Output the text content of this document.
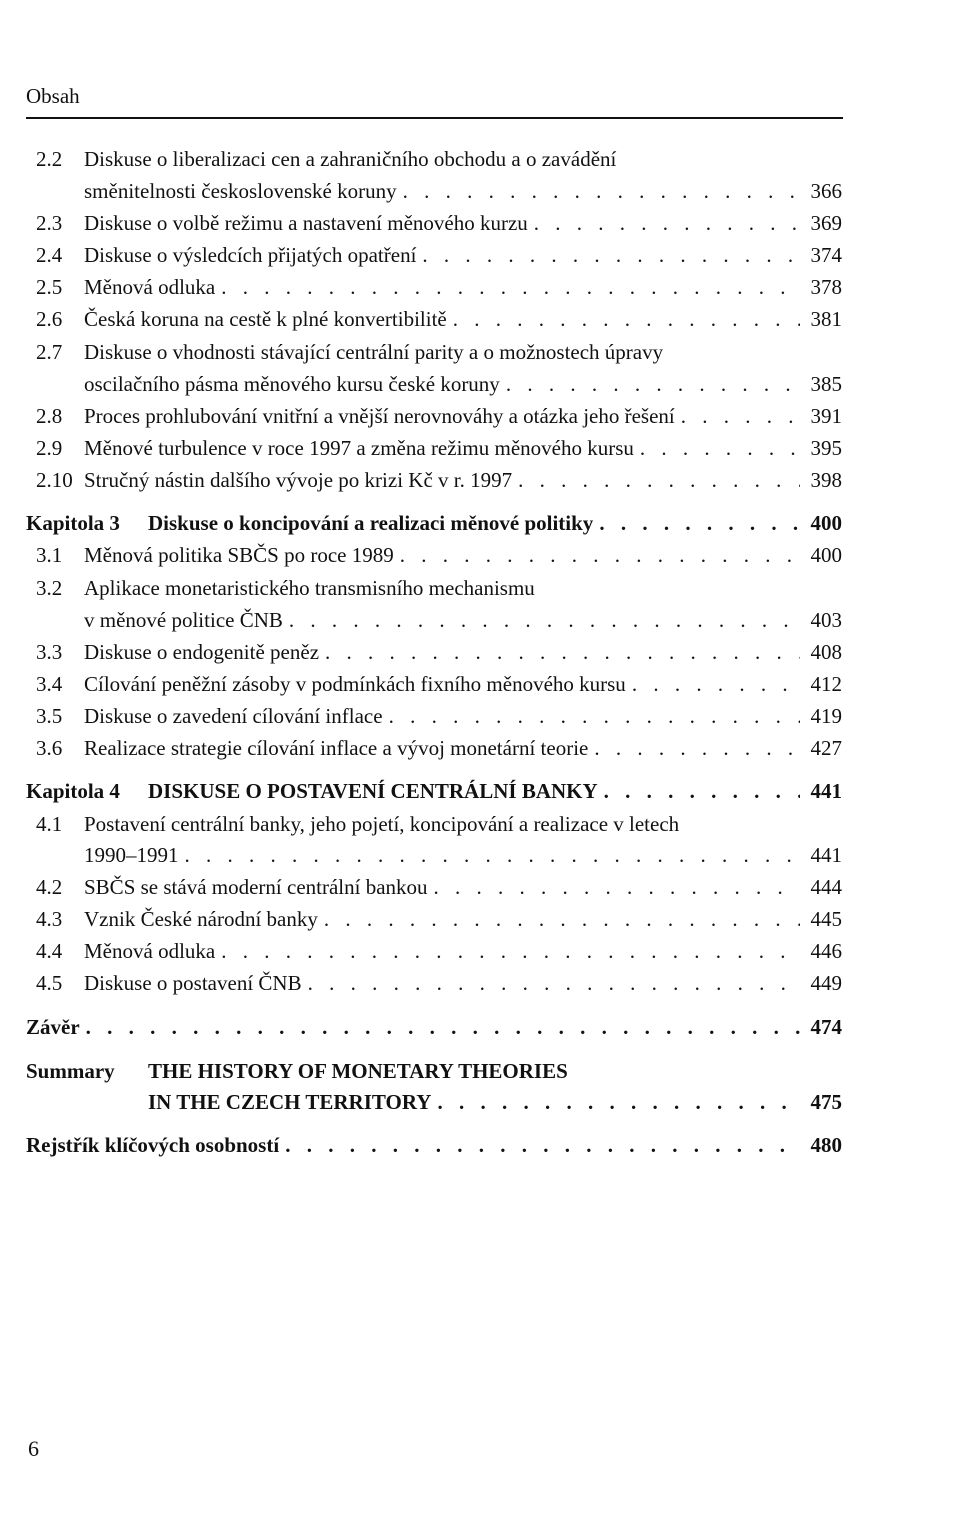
Obsah
2.2 Diskuse o liberalizaci cen a zahraničního obchodu a o zavádění
směnitelnosti československé koruny . . .	366
2.3	Diskuse o volbě režimu a nastavení měnového kurzu . . .	369
2.4	Diskuse o výsledcích přijatých opatření . . .	374
2.5	Měnová odluka . . .	378
2.6	Česká koruna na cestě k plné konvertibilitě . . .	381
2.7 Diskuse o vhodnosti stávající centrální parity a o možnostech úpravy
oscilačního pásma měnového kursu české koruny . . .	385
2.8	Proces prohlubování vnitřní a vnější nerovnováhy a otázka jeho řešení . . .	391
2.9	Měnové turbulence v roce 1997 a změna režimu měnového kursu . . .	395
2.10 Stručný nástin dalšího vývoje po krizi Kč v r. 1997 . . .	398
Kapitola 3	Diskuse o koncipování a realizaci měnové politiky . . .	400
3.1	Měnová politika SBČS po roce 1989 . . .	400
3.2 Aplikace monetaristického transmisního mechanismu
v měnové politice ČNB . . .	403
3.3	Diskuse o endogenitě peněz . . .	408
3.4	Cílování peněžní zásoby v podmínkách fixního měnového kursu . . .	412
3.5	Diskuse o zavedení cílování inflace . . .	419
3.6	Realizace strategie cílování inflace a vývoj monetární teorie . . .	427
Kapitola 4	DISKUSE O POSTAVENÍ CENTRÁLNÍ BANKY . . .	441
4.1 Postavení centrální banky, jeho pojetí, koncipování a realizace v letech
1990–1991 . . .	441
4.2	SBČS se stává moderní centrální bankou . . .	444
4.3	Vznik České národní banky . . .	445
4.4	Měnová odluka . . .	446
4.5	Diskuse o postavení ČNB . . .	449
Závěr . . .	474
Summary THE HISTORY OF MONETARY THEORIES
IN THE CZECH TERRITORY . . .	475
Rejstřík klíčových osobností . . .	480
6
